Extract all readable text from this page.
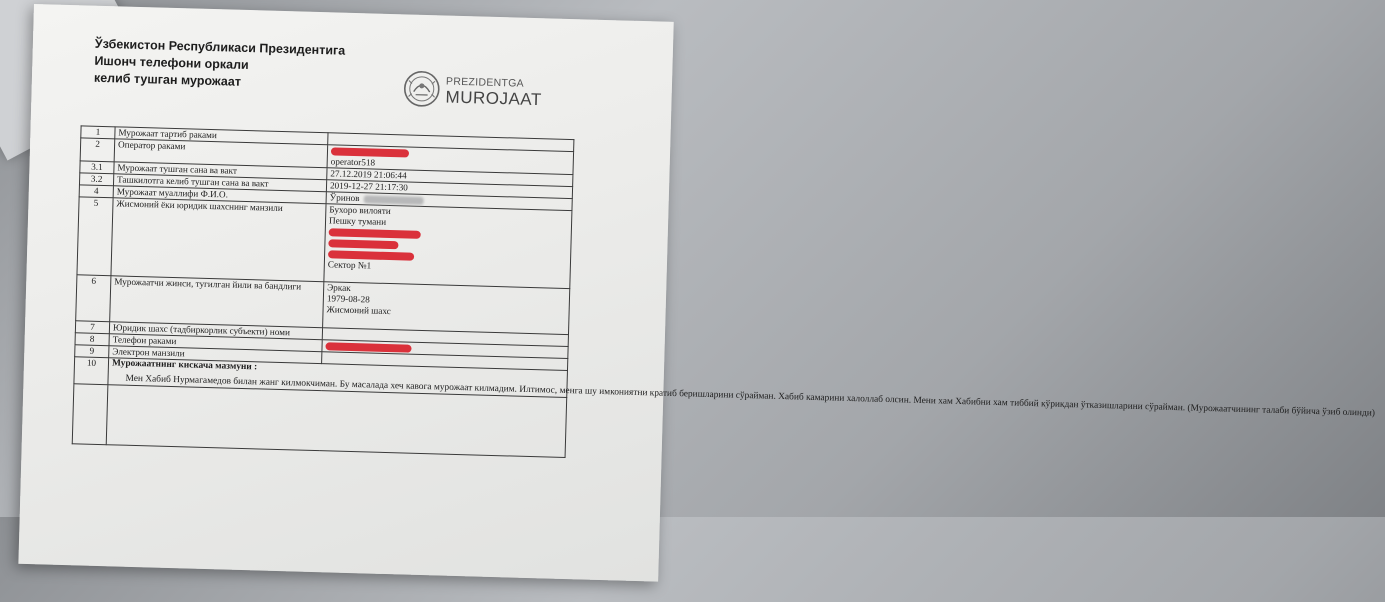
Ўзбекистон Республикаси Президентига
Ишонч телефони оркали
келиб тушган мурожаат	PREZIDENTGA
MUROJAAT
1	Мурожаат тартиб раками	
2	Оператор раками	operator518

3.1	Мурожаат тушган сана ва вакт	27.12.2019 21:06:44
3.2	Ташкилотга келиб тушган сана ва вакт	2019-12-27 21:17:30
4	Мурожаат муаллифи Ф.И.О.	Ўринов
5	Жисмоний ёки юридик шахснинг манзили	Бухоро вилояти
Пешку тумани
Сектор №1

6	Мурожаатчи жинси, тугилган йили ва бандлиги	Эркак
1979-08-28
Жисмоний шахс

7	Юридик шахс (тадбиркорлик субъекти) номи	
8	Телефон раками	
9	Электрон манзили	
10	Мурожаатнинг кискача мазмуни :
Мен Хабиб Нурмагамедов билан жанг килмокчиман. Бу масалада хеч кавога мурожаат килмадим. Илтимос, менга шу имкониятни кратиб беришларини сўрайман. Хабиб камарини халоллаб олсин. Мени хам Хабибни хам тиббий кўрикдан ўтказишларини сўрайман. (Мурожаатчининг талаби бўйича ўзиб олинди)	
